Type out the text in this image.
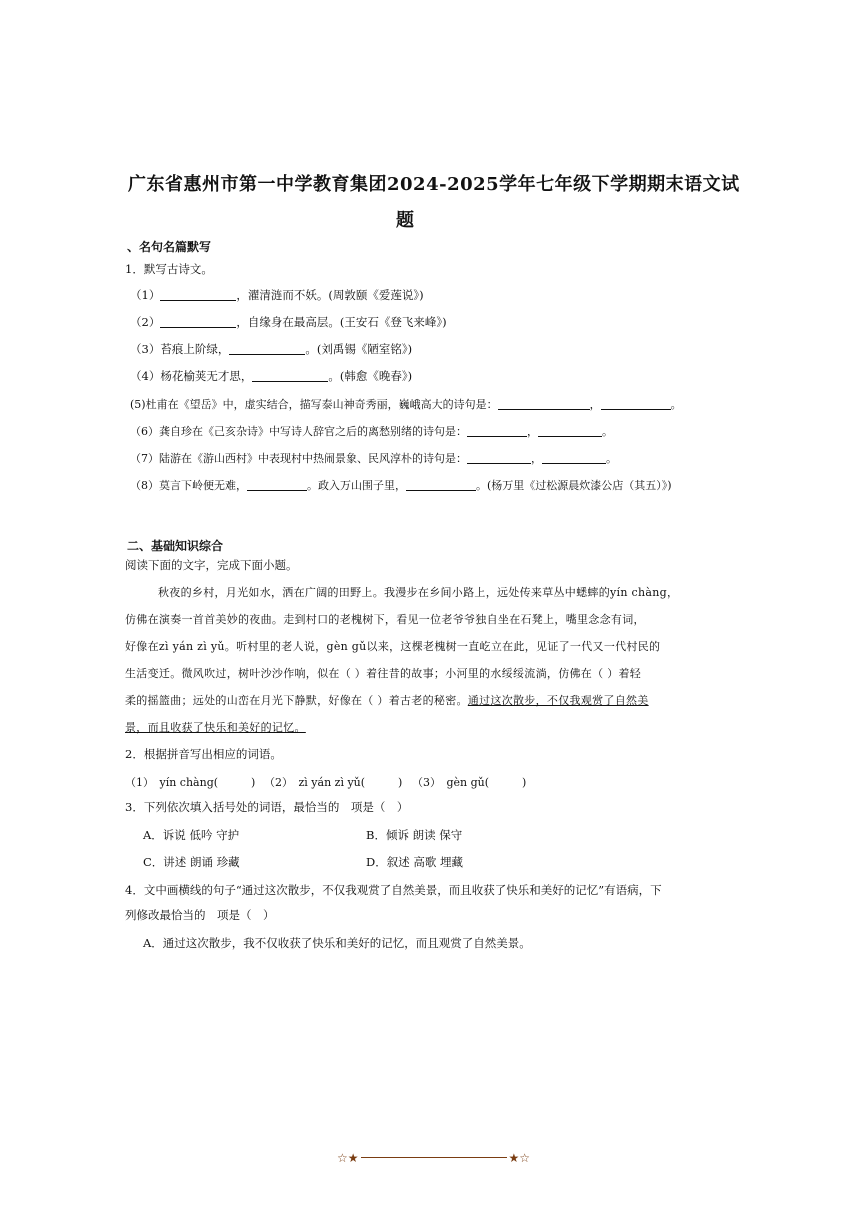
广东省惠州市第一中学教育集团2024-2025学年七年级下学期期末语文试
题
、名句名篇默写
1．默写古诗文。
（1）	，濯清涟而不妖。(周敦颐《爱莲说》)
（2）	，自缘身在最高层。(王安石《登飞来峰》)
（3）苔痕上阶绿，	。(刘禹锡《陋室铭》)
（4）杨花榆荚无才思，	。(韩愈《晚春》)
(5)杜甫在《望岳》中，虚实结合，描写泰山神奇秀丽，巍峨高大的诗句是：	，	。
（6）龚自珍在《己亥杂诗》中写诗人辞官之后的离愁别绪的诗句是：	，	。
（7）陆游在《游山西村》中表现村中热闹景象、民风淳朴的诗句是：	，	。
（8）莫言下岭便无难，	。政入万山围子里，	。(杨万里《过松源晨炊漆公店（其五）》)
二、基础知识综合
阅读下面的文字，完成下面小题。
秋夜的乡村，月光如水，洒在广阔的田野上。我漫步在乡间小路上，远处传来草丛中蟋蟀的yín chàng，
仿佛在演奏一首首美妙的夜曲。走到村口的老槐树下，看见一位老爷爷独自坐在石凳上，嘴里念念有词，
好像在zì yán zì yǔ。听村里的老人说，gèn gǔ以来，这棵老槐树一直屹立在此，见证了一代又一代村民的
生活变迁。微风吹过，树叶沙沙作响，似在（ ）着往昔的故事；小河里的水绥绥流淌，仿佛在（ ）着轻
柔的摇篮曲；远处的山峦在月光下静默，好像在（ ）着古老的秘密。通过这次散步，不仅我观赏了自然美
景，而且收获了快乐和美好的记忆。
2．根据拼音写出相应的词语。
（1）　yín chàng(　　　) （2）　zì yán zì yǔ(　　　) （3）　gèn gǔ(　　　)
3．下列依次填入括号处的词语，最恰当的　项是（　）
A．诉说 低吟 守护	B．倾诉 朗读 保守
C．讲述 朗诵 珍藏	D．叙述 高歌 埋藏
4．文中画横线的句子“通过这次散步，不仅我观赏了自然美景，而且收获了快乐和美好的记忆”有语病，下
列修改最恰当的　项是（　）
A．通过这次散步，我不仅收获了快乐和美好的记忆，而且观赏了自然美景。
☆★	★☆
